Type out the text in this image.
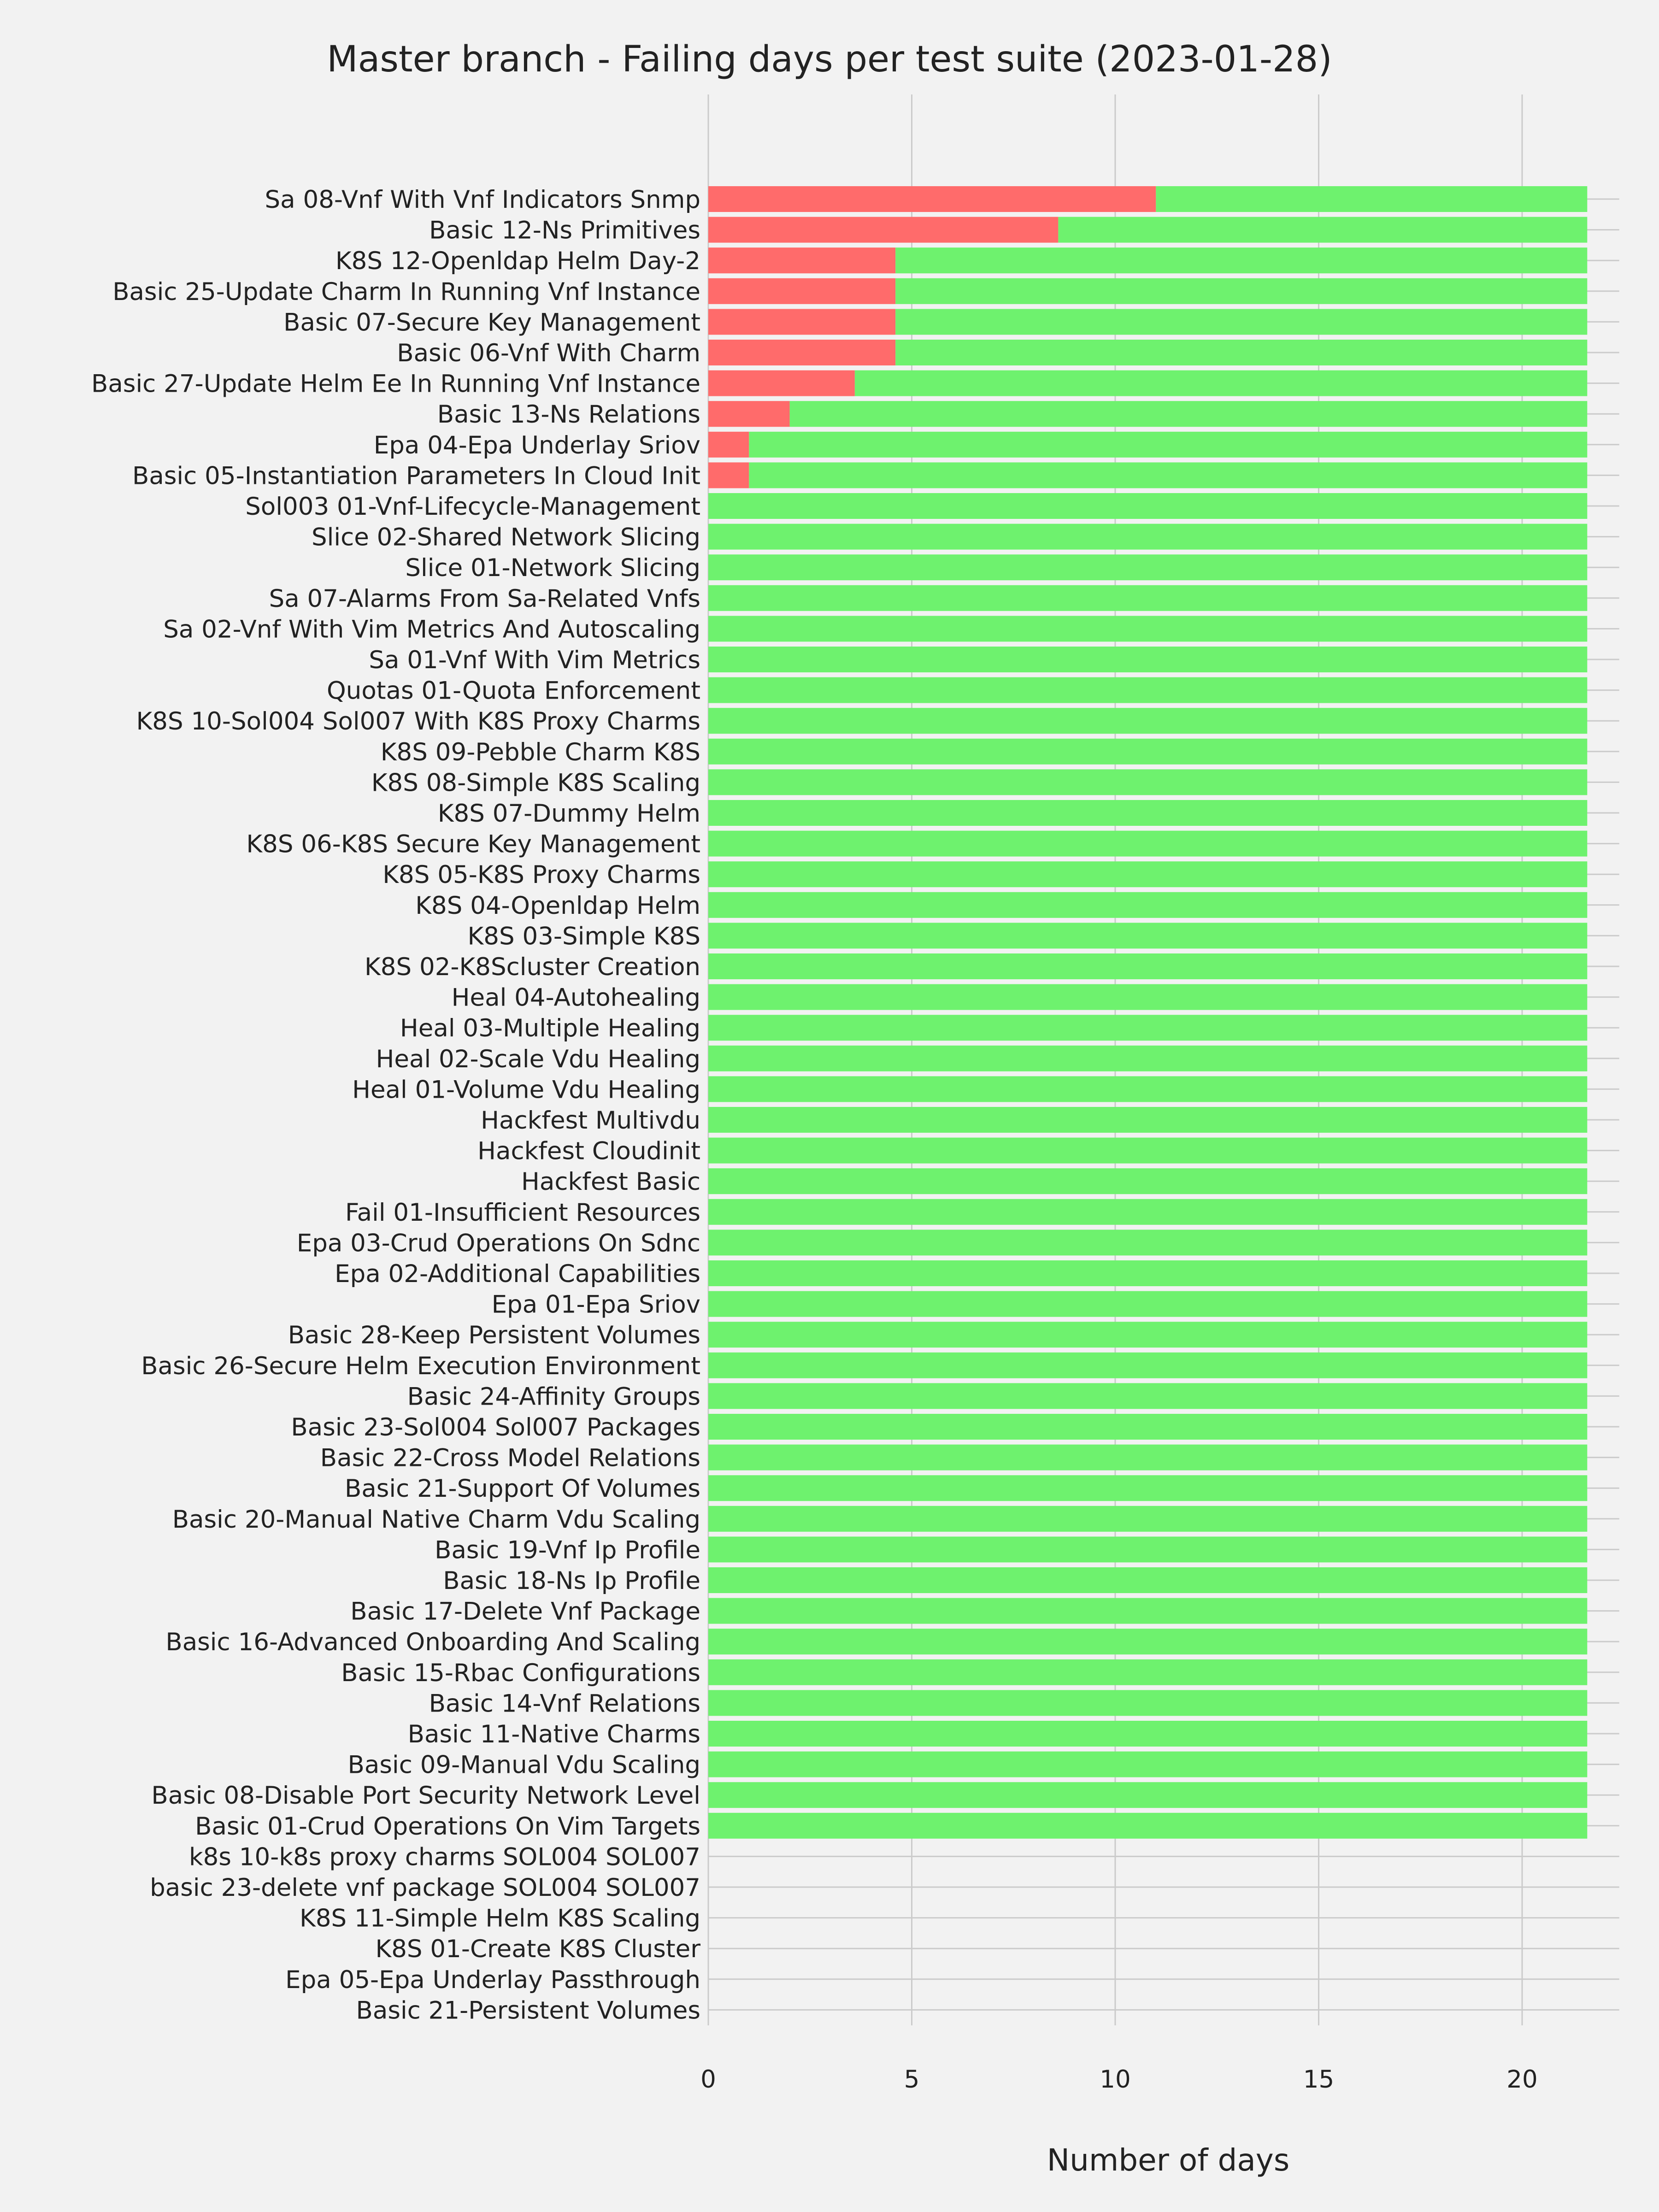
0	5	10	15	20
Sa 08-Vnf With Vnf Indicators Snmp
Basic 12-Ns Primitives
K8S 12-Openldap Helm Day-2
Basic 25-Update Charm In Running Vnf Instance
Basic 07-Secure Key Management
Basic 06-Vnf With Charm
Basic 27-Update Helm Ee In Running Vnf Instance
Basic 13-Ns Relations
Epa 04-Epa Underlay Sriov
Basic 05-Instantiation Parameters In Cloud Init
Sol003 01-Vnf-Lifecycle-Management
Slice 02-Shared Network Slicing
Slice 01-Network Slicing
Sa 07-Alarms From Sa-Related Vnfs
Sa 02-Vnf With Vim Metrics And Autoscaling
Sa 01-Vnf With Vim Metrics
Quotas 01-Quota Enforcement
K8S 10-Sol004 Sol007 With K8S Proxy Charms
K8S 09-Pebble Charm K8S
K8S 08-Simple K8S Scaling
K8S 07-Dummy Helm
K8S 06-K8S Secure Key Management
K8S 05-K8S Proxy Charms
K8S 04-Openldap Helm
K8S 03-Simple K8S
K8S 02-K8Scluster Creation
Heal 04-Autohealing
Heal 03-Multiple Healing
Heal 02-Scale Vdu Healing
Heal 01-Volume Vdu Healing
Hackfest Multivdu
Hackfest Cloudinit
Hackfest Basic
Fail 01-Insufficient Resources
Epa 03-Crud Operations On Sdnc
Epa 02-Additional Capabilities
Epa 01-Epa Sriov
Basic 28-Keep Persistent Volumes
Basic 26-Secure Helm Execution Environment
Basic 24-Affinity Groups
Basic 23-Sol004 Sol007 Packages
Basic 22-Cross Model Relations
Basic 21-Support Of Volumes
Basic 20-Manual Native Charm Vdu Scaling
Basic 19-Vnf Ip Profile
Basic 18-Ns Ip Profile
Basic 17-Delete Vnf Package
Basic 16-Advanced Onboarding And Scaling
Basic 15-Rbac Configurations
Basic 14-Vnf Relations
Basic 11-Native Charms
Basic 09-Manual Vdu Scaling
Basic 08-Disable Port Security Network Level
Basic 01-Crud Operations On Vim Targets
k8s 10-k8s proxy charms SOL004 SOL007
basic 23-delete vnf package SOL004 SOL007
K8S 11-Simple Helm K8S Scaling
K8S 01-Create K8S Cluster
Epa 05-Epa Underlay Passthrough
Basic 21-Persistent Volumes
Master branch - Failing days per test suite (2023-01-28)
Number of days
